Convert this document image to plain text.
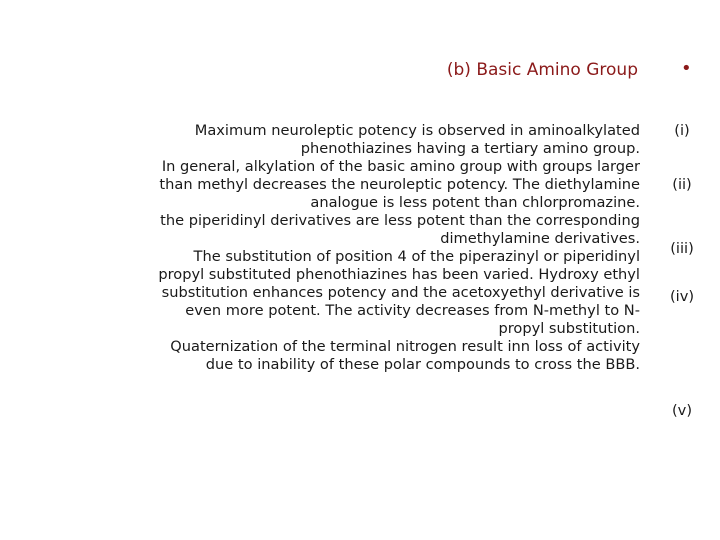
(b) Basic Amino Group •

Maximum neuroleptic potency is observed in aminoalkylated
phenothiazines having a tertiary amino group.

In general, alkylation of the basic amino group with groups larger
than methyl decreases the neuroleptic potency. The diethylamine
analogue is less potent than chlorpromazine.

the piperidinyl derivatives are less potent than the corresponding
dimethylamine derivatives.

The substitution of position 4 of the piperazinyl or piperidinyl
propyl substituted phenothiazines has been varied. Hydroxy ethyl
substitution enhances potency and the acetoxyethyl derivative is
even more potent. The activity decreases from N-methyl to N-
propyl substitution.

Quaternization of the terminal nitrogen result inn loss of activity
due to inability of these polar compounds to cross the BBB.

(i)
(ii)
(iii)
(iv)
(v)
